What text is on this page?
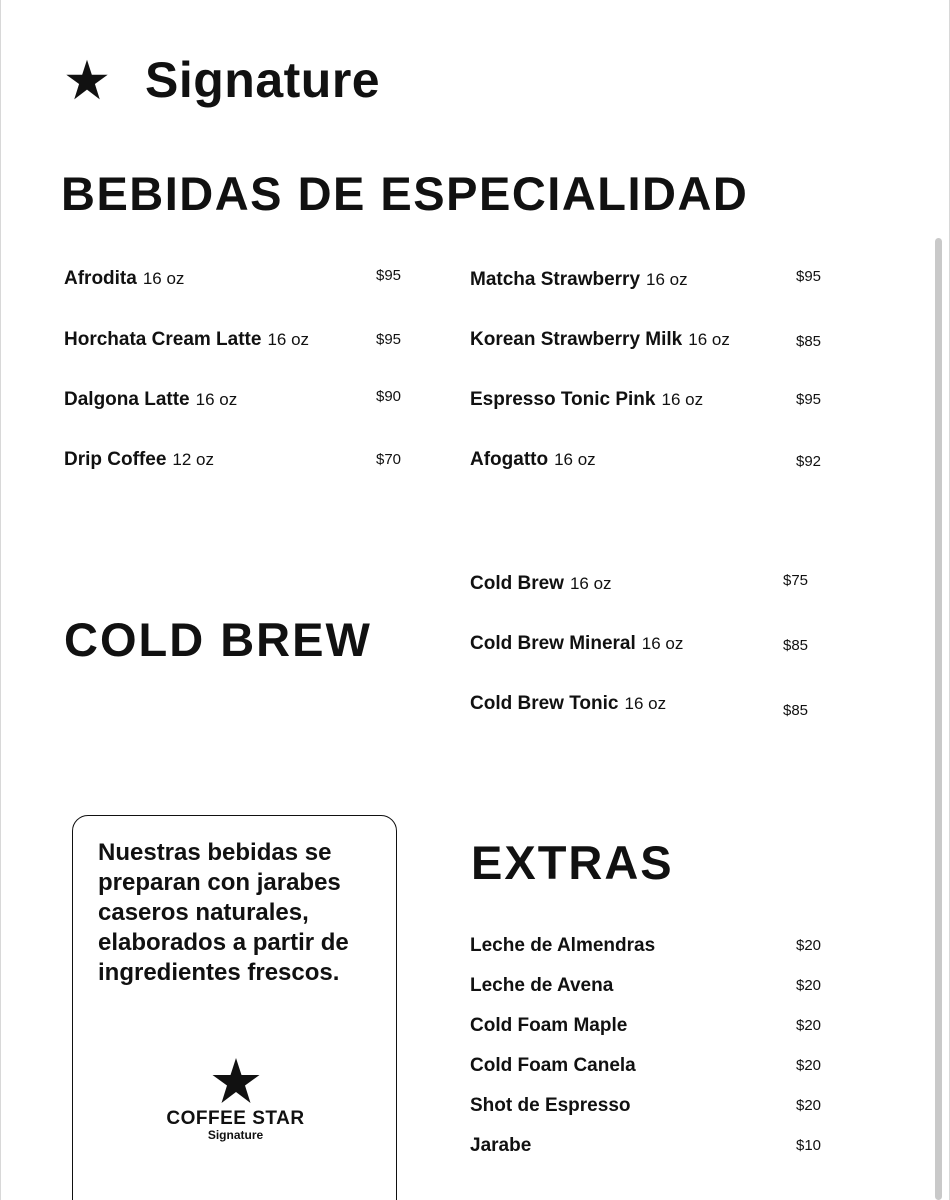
Signature
BEBIDAS DE ESPECIALIDAD
Afrodita 16 oz	$95
Horchata Cream Latte 16 oz	$95
Dalgona Latte 16 oz	$90
Drip Coffee 12 oz	$70
Matcha Strawberry 16 oz	$95
Korean Strawberry Milk 16 oz	$85
Espresso Tonic Pink 16 oz	$95
Afogatto 16 oz	$92
COLD BREW
Cold Brew 16 oz	$75
Cold Brew Mineral 16 oz	$85
Cold Brew Tonic 16 oz	$85
Nuestras bebidas se preparan con jarabes caseros naturales, elaborados a partir de ingredientes frescos.
COFFEE STAR
Signature
EXTRAS
Leche de Almendras	$20
Leche de Avena	$20
Cold Foam Maple	$20
Cold Foam Canela	$20
Shot de Espresso	$20
Jarabe	$10
